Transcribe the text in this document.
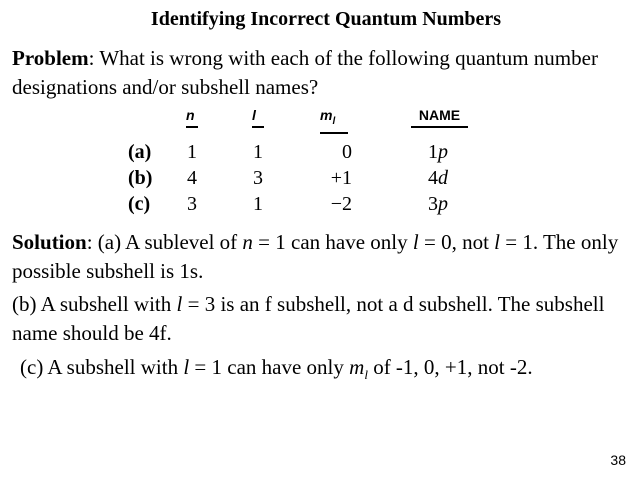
Identifying Incorrect Quantum Numbers
Problem: What is wrong with each of the following quantum number designations and/or subshell names?
n	l	$m_l$	NAME
(a) 1	1	0	1p
(b) 4	3	+1	4d
(c) 3	1	−2	3p
Solution: (a) A sublevel of n = 1 can have only l = 0, not l = 1. The only possible subshell is 1s.
(b) A subshell with l = 3 is an f subshell, not a d subshell. The subshell name should be 4f.
(c) A subshell with l = 1 can have only $m_l$ of -1, 0, +1, not -2.
38
